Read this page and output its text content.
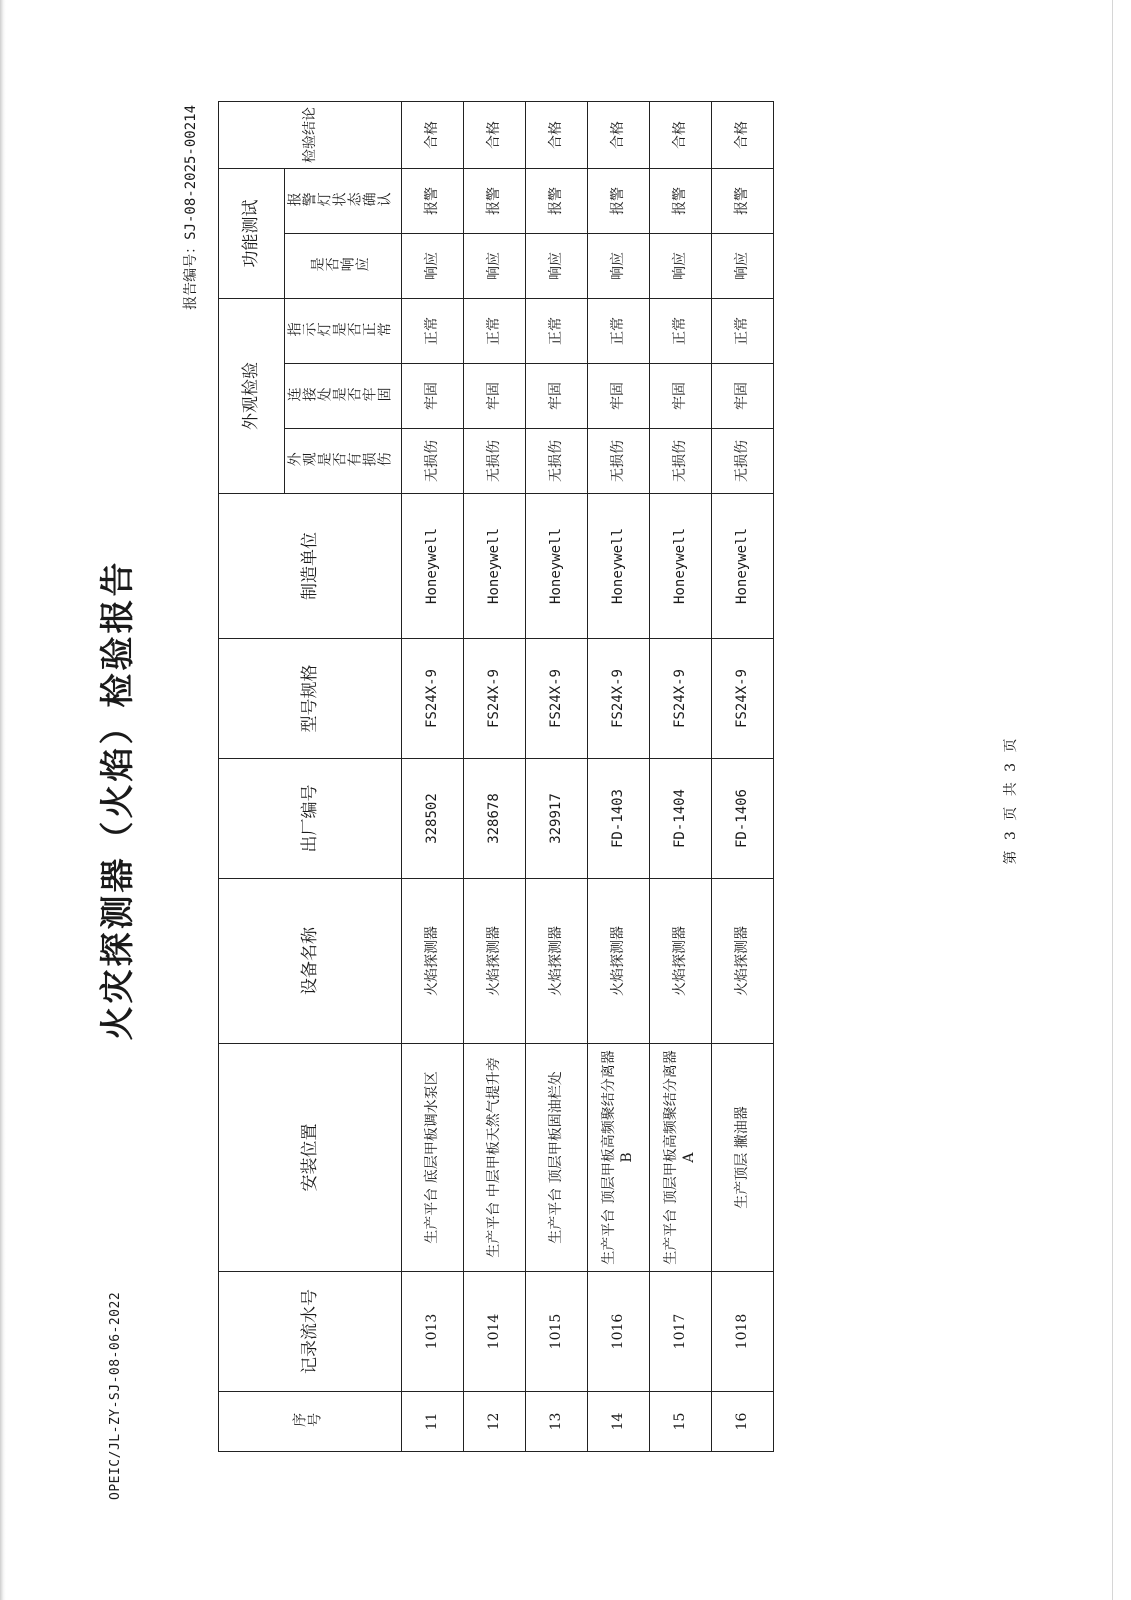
OPEIC/JL-ZY-SJ-08-06-2022
火灾探测器（火焰）检验报告
报告编号：SJ-08-2025-00214
序号	记录流水号	安装位置	设备名称	出厂编号	型号规格	制造单位	外观检验			功能测试		检验结论
							外观是否有损伤	连接处是否牢固	指示灯是否正常	是否响应	报警灯状态确认	
11	1013	生产平台 底层甲板调水泵区	火焰探测器	328502	FS24X-9	Honeywell	无损伤	牢固	正常	响应	报警	合格
12	1014	生产平台 中层甲板天然气提升旁	火焰探测器	328678	FS24X-9	Honeywell	无损伤	牢固	正常	响应	报警	合格
13	1015	生产平台 顶层甲板固油栏处	火焰探测器	329917	FS24X-9	Honeywell	无损伤	牢固	正常	响应	报警	合格
14	1016	生产平台 顶层甲板高频聚结分离器 B	火焰探测器	FD-1403	FS24X-9	Honeywell	无损伤	牢固	正常	响应	报警	合格
15	1017	生产平台 顶层甲板高频聚结分离器 A	火焰探测器	FD-1404	FS24X-9	Honeywell	无损伤	牢固	正常	响应	报警	合格
16	1018	生产顶层 撇油器	火焰探测器	FD-1406	FS24X-9	Honeywell	无损伤	牢固	正常	响应	报警	合格
第 3 页 共 3 页
